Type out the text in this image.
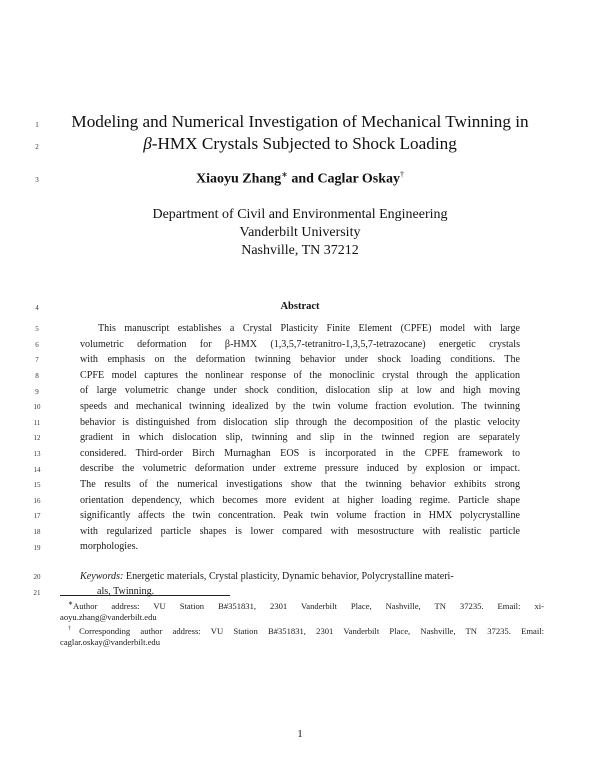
1
2
3
4
5
6
7
8
9
10
11
12
13
14
15
16
17
18
19
20
21
Modeling and Numerical Investigation of Mechanical Twinning in
β-HMX Crystals Subjected to Shock Loading
Xiaoyu Zhang∗ and Caglar Oskay†
Department of Civil and Environmental Engineering
Vanderbilt University
Nashville, TN 37212
Abstract
This manuscript establishes a Crystal Plasticity Finite Element (CPFE) model with large
volumetric deformation for β-HMX (1,3,5,7-tetranitro-1,3,5,7-tetrazocane) energetic crystals
with emphasis on the deformation twinning behavior under shock loading conditions. The
CPFE model captures the nonlinear response of the monoclinic crystal through the application
of large volumetric change under shock condition, dislocation slip at low and high moving
speeds and mechanical twinning idealized by the twin volume fraction evolution. The twinning
behavior is distinguished from dislocation slip through the decomposition of the plastic velocity
gradient in which dislocation slip, twinning and slip in the twinned region are separately
considered. Third-order Birch Murnaghan EOS is incorporated in the CPFE framework to
describe the volumetric deformation under extreme pressure induced by explosion or impact.
The results of the numerical investigations show that the twinning behavior exhibits strong
orientation dependency, which becomes more evident at higher loading regime. Particle shape
significantly affects the twin concentration. Peak twin volume fraction in HMX polycrystalline
with regularized particle shapes is lower compared with mesostructure with realistic particle
morphologies.
Keywords: Energetic materials, Crystal plasticity, Dynamic behavior, Polycrystalline materi-
als, Twinning.
∗Author address: VU Station B#351831, 2301 Vanderbilt Place, Nashville, TN 37235. Email: xi-
aoyu.zhang@vanderbilt.edu
†Corresponding author address: VU Station B#351831, 2301 Vanderbilt Place, Nashville, TN 37235. Email:
caglar.oskay@vanderbilt.edu
1
